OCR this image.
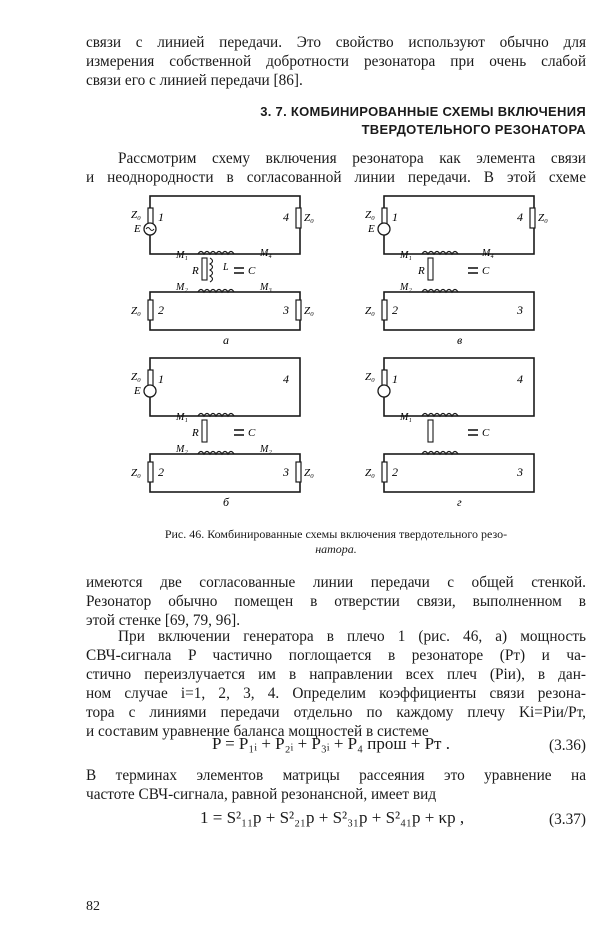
связи с линией передачи. Это свойство используют обычно для
измерения собственной добротности резонатора при очень слабой
связи его с линией передачи [86].
3. 7. КОМБИНИРОВАННЫЕ СХЕМЫ ВКЛЮЧЕНИЯ
ТВЕРДОТЕЛЬНОГО РЕЗОНАТОРА
Рассмотрим схему включения резонатора как элемента связи
и неоднородности в согласованной линии передачи. В этой схеме
Z₀
E
1	4 Z₀
R L C
M₁	M₄
M₂	M₃
Z₀ 2	3 Z₀
а
Z₀
E
1	4 Z₀
R	C
M₁	M₄
M₂
Z₀ 2	3
в
Z₀
E
1	4
R	C
M₁
M₂	M₂
Z₀ 2	3 Z₀
б
Z₀ 1	4
C
M₁
Z₀ 2	3
г
Рис. 46. Комбинированные схемы включения твердотельного резо-
натора.
имеются две согласованные линии передачи с общей стенкой.
Резонатор обычно помещен в отверстии связи, выполненном в
этой стенке [69, 79, 96].
При включении генератора в плечо 1 (рис. 46, а) мощность
СВЧ-сигнала P частично поглощается в резонаторе (Pт) и ча-
стично переизлучается им в направлении всех плеч (Piи), в дан-
ном случае i=1, 2, 3, 4. Определим коэффициенты связи резона-
тора с линиями передачи отдельно по каждому плечу Ki=Piи/Pт,
и составим уравнение баланса мощностей в системе
P = P₁ᵢ + P₂ᵢ + P₃ᵢ + P₄ прош + Pт .	(3.36)
В терминах элементов матрицы рассеяния это уравнение на
частоте СВЧ-сигнала, равной резонансной, имеет вид
1 = S²₁₁р + S²₂₁р + S²₃₁р + S²₄₁р + κр ,	(3.37)
82
